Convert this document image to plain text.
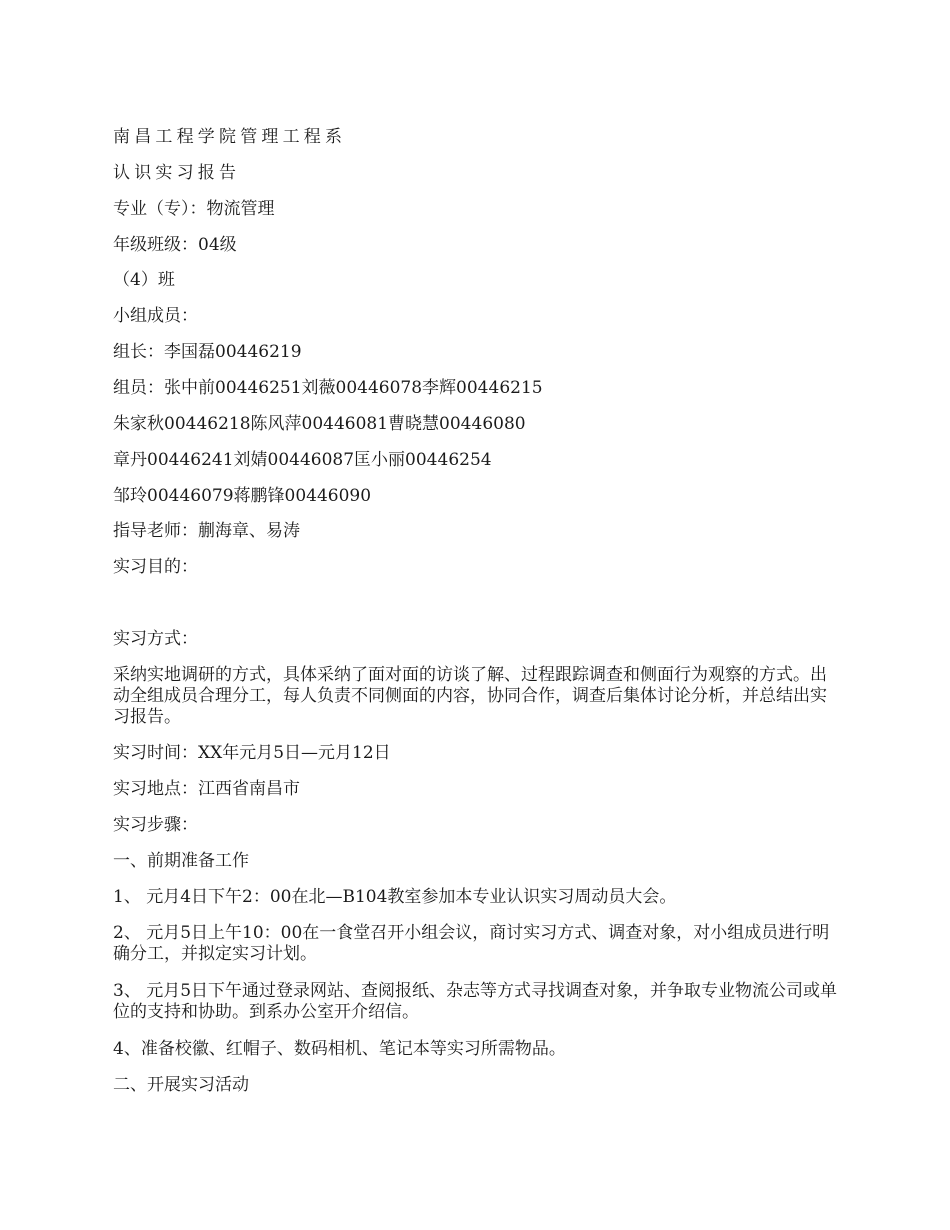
南昌工程学院管理工程系
认识实习报告
专业（专）：物流管理
年级班级：04级
（4）班
小组成员：
组长：李国磊00446219
组员：张中前00446251刘薇00446078李辉00446215
朱家秋00446218陈风萍00446081曹晓慧00446080
章丹00446241刘婧00446087匡小丽00446254
邹玲00446079蒋鹏锋00446090
指导老师：蒯海章、易涛
实习目的：
实习方式：
采纳实地调研的方式，具体采纳了面对面的访谈了解、过程跟踪调查和侧面行为观察的方式。出动全组成员合理分工，每人负责不同侧面的内容，协同合作，调查后集体讨论分析，并总结出实习报告。
实习时间：XX年元月5日—元月12日
实习地点：江西省南昌市
实习步骤：
一、前期准备工作
1、 元月4日下午2：00在北—B104教室参加本专业认识实习周动员大会。
2、 元月5日上午10：00在一食堂召开小组会议，商讨实习方式、调查对象，对小组成员进行明确分工，并拟定实习计划。
3、 元月5日下午通过登录网站、查阅报纸、杂志等方式寻找调查对象，并争取专业物流公司或单位的支持和协助。到系办公室开介绍信。
4、准备校徽、红帽子、数码相机、笔记本等实习所需物品。
二、开展实习活动
